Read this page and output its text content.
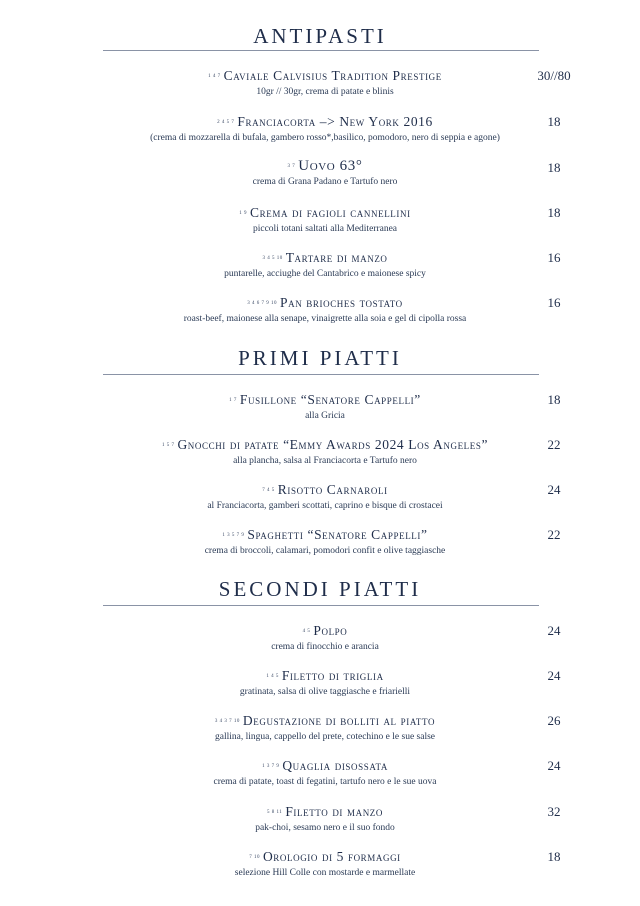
ANTIPASTI
1 4 7 Caviale Calvisius Tradition Prestige
10gr // 30gr, crema di patate e blinis
30//80
2 4 5 7 Franciacorta –> New York 2016
(crema di mozzarella di bufala, gambero rosso*,basilico, pomodoro, nero di seppia e agone)
18
3 7 Uovo 63°
crema di Grana Padano e Tartufo nero
18
1 9 Crema di fagioli cannellini
piccoli totani saltati alla Mediterranea
18
3 4 5 10 Tartare di manzo
puntarelle, acciughe del Cantabrico e maionese spicy
16
3 4 6 7 9 10 Pan brioches tostato
roast-beef, maionese alla senape, vinaigrette alla soia e gel di cipolla rossa
16
PRIMI PIATTI
1 7 Fusillone “Senatore Cappelli”
alla Gricia
18
1 5 7 Gnocchi di patate “Emmy Awards 2024 Los Angeles”
alla plancha, salsa al Franciacorta e Tartufo nero
22
7 4 5 Risotto Carnaroli
al Franciacorta, gamberi scottati, caprino e bisque di crostacei
24
1 3 5 7 9 Spaghetti “Senatore Cappelli”
crema di broccoli, calamari, pomodori confit e olive taggiasche
22
SECONDI PIATTI
4 5 Polpo
crema di finocchio e arancia
24
1 4 5 Filetto di triglia
gratinata, salsa di olive taggiasche e friarielli
24
3 4 3 7 10 Degustazione di bolliti al piatto
gallina, lingua, cappello del prete, cotechino e le sue salse
26
1 3 7 9 Quaglia disossata
crema di patate, toast di fegatini, tartufo nero e le sue uova
24
5 8 11 Filetto di manzo
pak-choi, sesamo nero e il suo fondo
32
7 10 Orologio di 5 formaggi
selezione Hill Colle con mostarde e marmellate
18
